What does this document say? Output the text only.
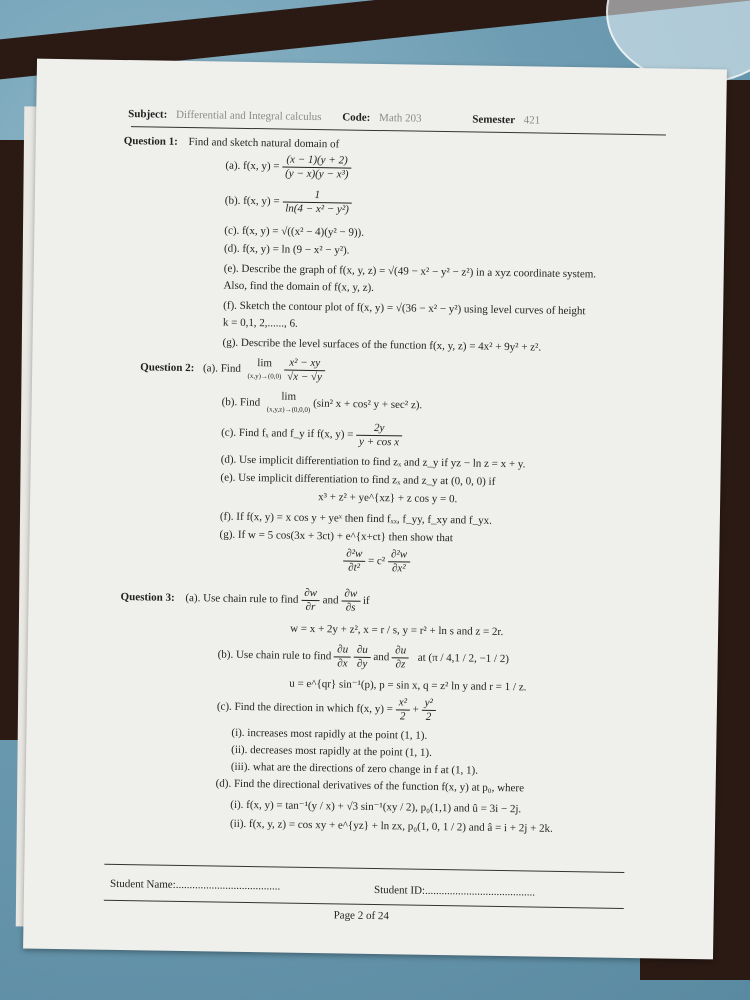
Subject: Differential and Integral calculus Code: Math 203	Semester 421
Question 1: Find and sketch natural domain of
(a). f(x, $y) = \frac{(x - 1)(y + 2)}{\text{(y − x)(y − x³)}}$
(b). f(x, $y) = \frac{1}{\text{ln(4 − x² − y²)}}$
(c). f(x, y) = √((x² − 4)(y² − 9)).
(d). f(x, y) = ln (9 − x² − y²).
(e). Describe the graph of f(x, y, z) = √(49 − x² − y² − z²) in a xyz coordinate system.
Also, find the domain of f(x, y, z).
(f). Sketch the contour plot of f(x, y) = √(36 − x² − y²) using level curves of height
k = 0,1, 2,......, 6.
(g). Describe the level surfaces of the function f(x, y, z) = 4x² + 9y² + z².
Question 2: (a). Find	lim
(x,y)→(0,0)
$\frac{\text{x² − xy}}{√x - √y}$
(b). Find	lim
(x,y,z)→(0,0,0) (sin² x + cos² y + sec² z).
(c). Find fₓ and f_y if f(x, $y) = \frac{2y}{\text{y + cos x}}$
(d). Use implicit differentiation to find zₓ and z_y if yz − ln z = x + y.
(e). Use implicit differentiation to find zₓ and z_y at (0, 0, 0) if
x³ + z² + ye^{xz} + z cos y = 0.
(f). If f(x, y) = x cos y + yeˣ then find fₓₓ, f_yy, f_xy and f_yx.
(g). If w = 5 cos(3x + 3ct) + e^{x+ct} then show that
$\frac{\text{∂²w}}{\text{∂t²}} = c^2 \frac{\text{∂²w}}{\text{∂x²}}$
Question 3: (a). Use chain rule to find $\frac{\partial w}{\partial r}$ and $\frac{\partial w}{\partial s}$ if
w = x + 2y + z², x = r / s, y = r² + ln s and z = 2r.
(b). Use chain rule to find $\frac{\partial u}{\partial x}$
$\frac{\partial u}{\partial y}$ and $\frac{\partial u}{\partial z}$ at (π / 4,1 / 2, −1 / 2)
u = e^{qr} sin⁻¹(p), p = sin x, q = z² ln y and r = 1 / z.
(c). Find the direction in which f(x, $y) = \frac{\text{x²}}{2} + \frac{\text{y²}}{2}$
(i). increases most rapidly at the point (1, 1).
(ii). decreases most rapidly at the point (1, 1).
(iii). what are the directions of zero change in f at (1, 1).
(d). Find the directional derivatives of the function f(x, y) at p₀, where
(i). f(x, y) = tan⁻¹(y / x) + √3 sin⁻¹(xy / 2), p₀(1,1) and û = 3i − 2j.
(ii). f(x, y, z) = cos xy + e^{yz} + ln zx, p₀(1, 0, 1 / 2) and â = i + 2j + 2k.
Student Name:......................................	Student ID:........................................
Page 2 of 24
